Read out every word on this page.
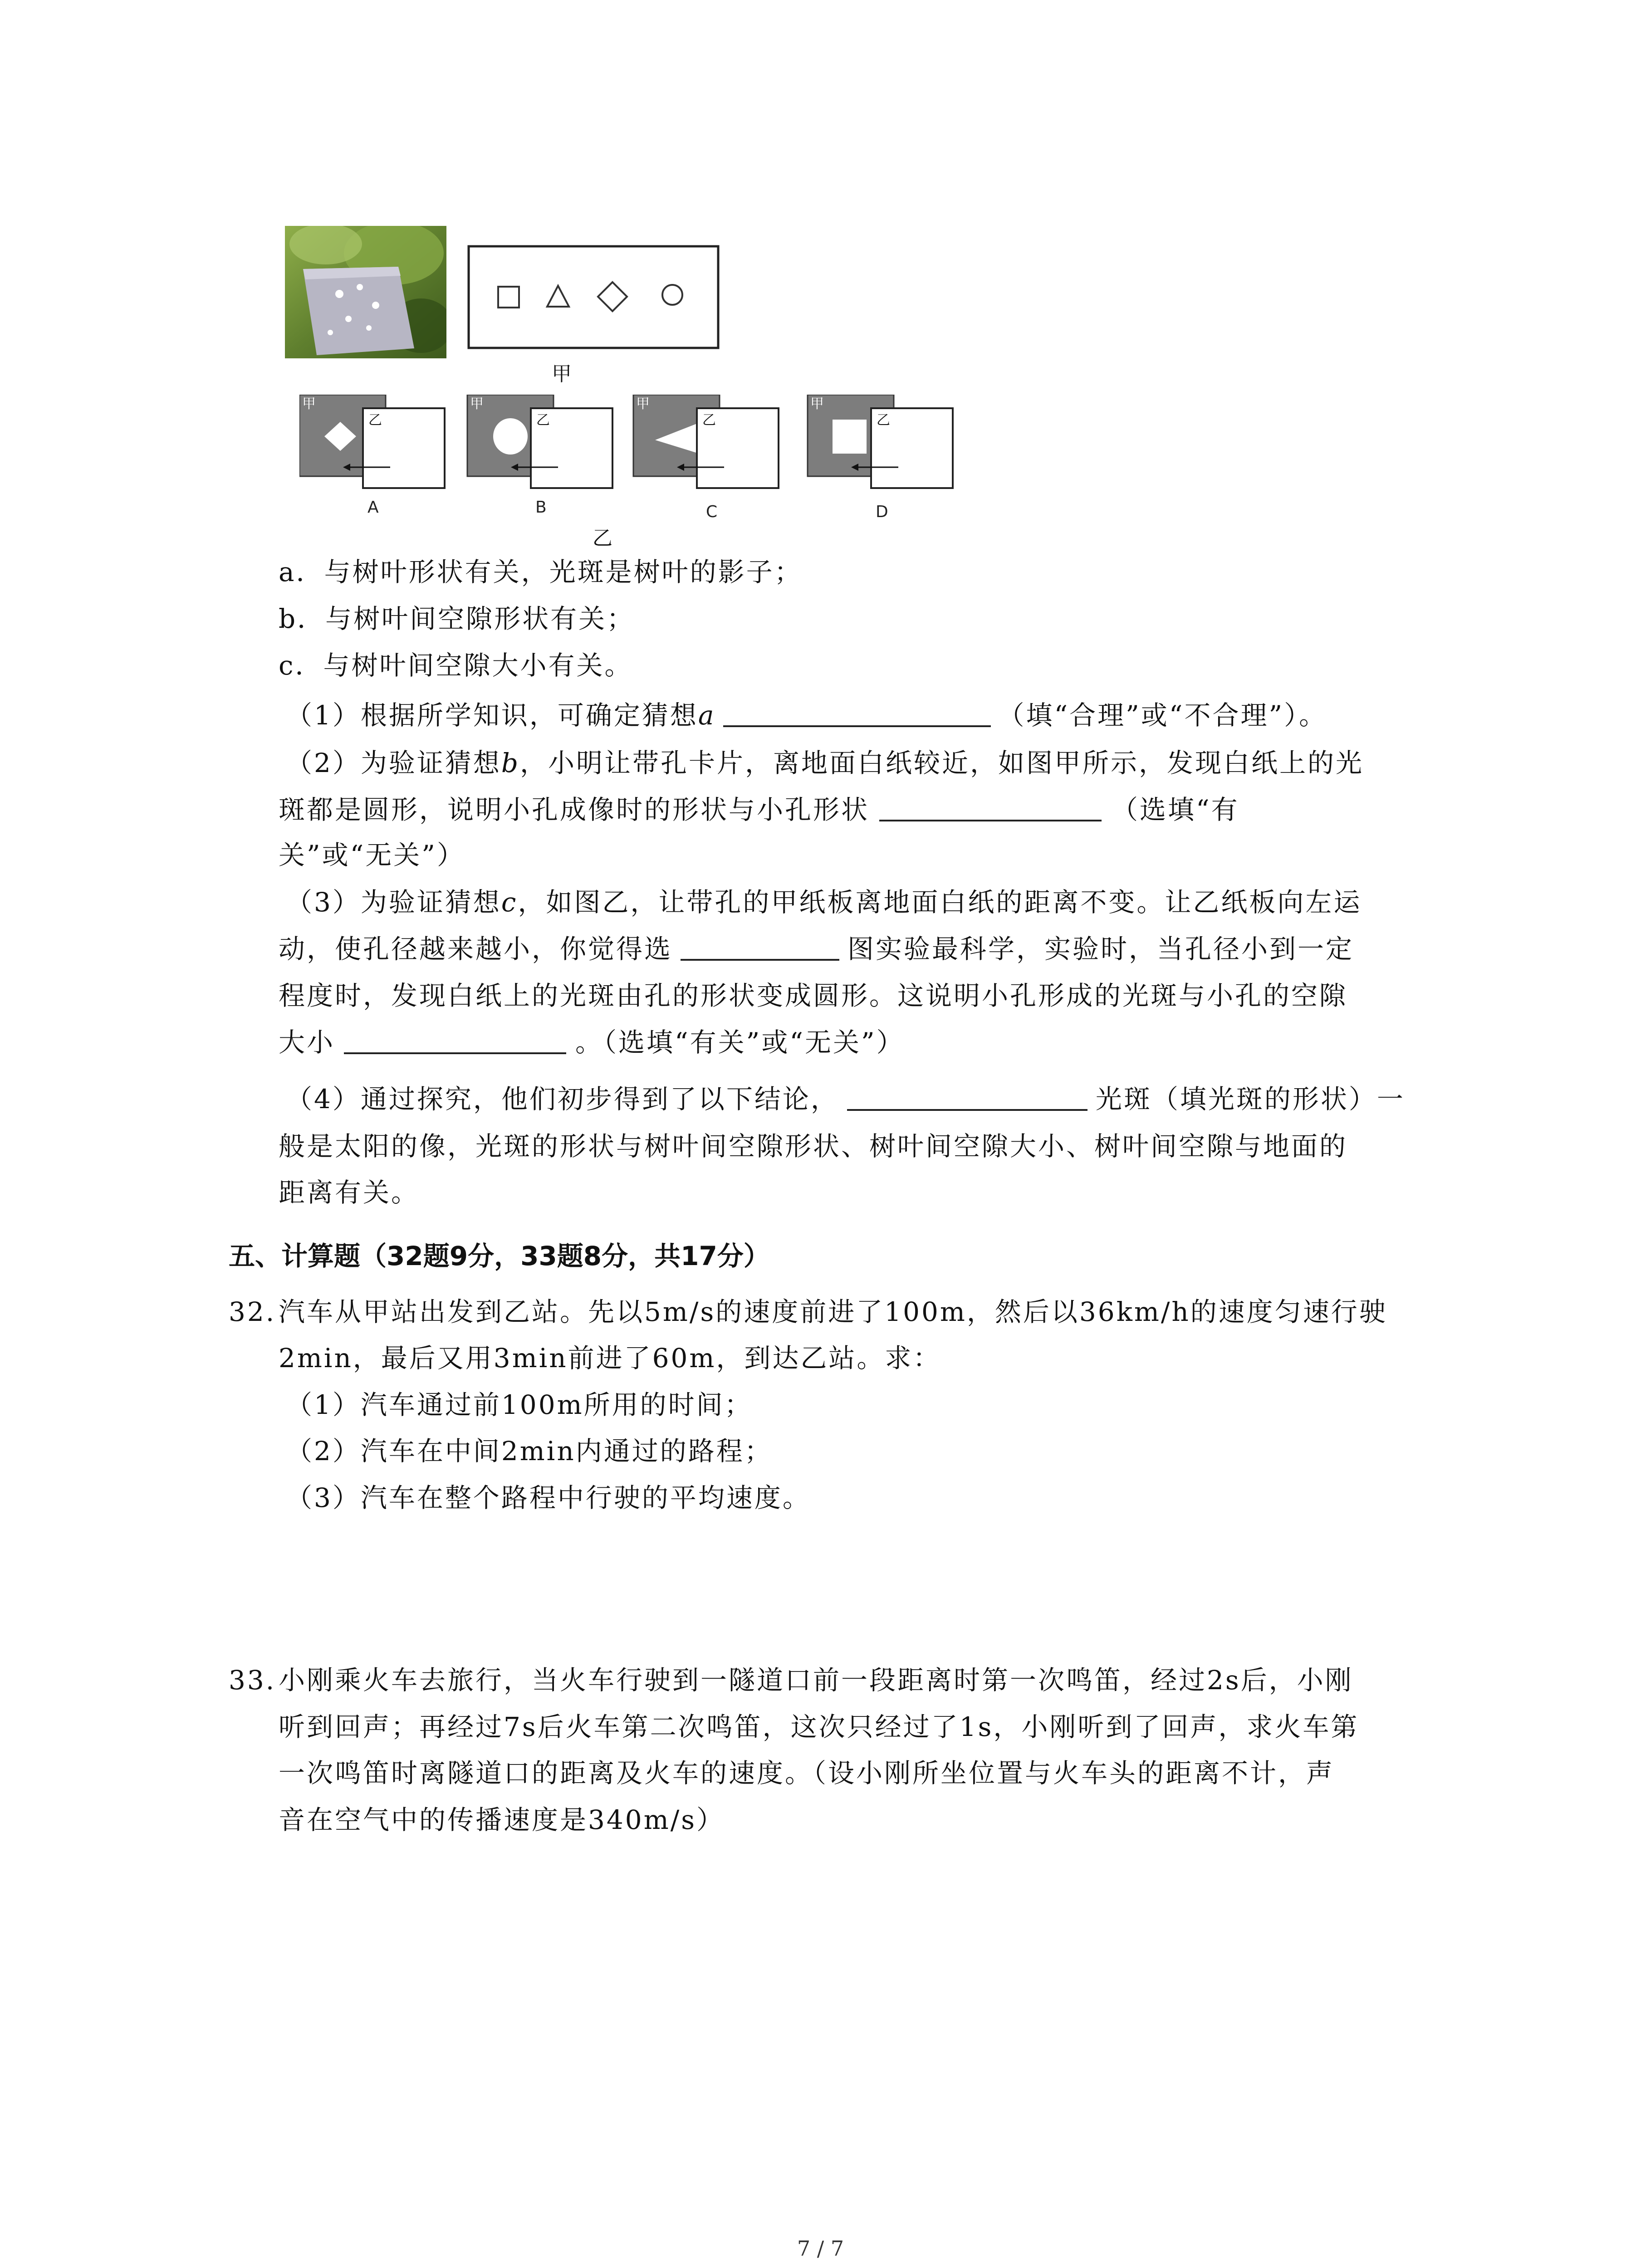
甲
甲
乙
A
甲
乙
B
甲
乙
C
甲
乙
D
乙
a．与树叶形状有关，光斑是树叶的影子；
b．与树叶间空隙形状有关；
c．与树叶间空隙大小有关。
（1）根据所学知识，可确定猜想a	（填“合理”或“不合理”）。
（2）为验证猜想b，小明让带孔卡片，离地面白纸较近，如图甲所示，发现白纸上的光
斑都是圆形，说明小孔成像时的形状与小孔形状	（选填“有
关”或“无关”）
（3）为验证猜想c，如图乙，让带孔的甲纸板离地面白纸的距离不变。让乙纸板向左运
动，使孔径越来越小，你觉得选	图实验最科学，实验时，当孔径小到一定
程度时，发现白纸上的光斑由孔的形状变成圆形。这说明小孔形成的光斑与小孔的空隙
大小	。（选填“有关”或“无关”）
（4）通过探究，他们初步得到了以下结论，	光斑（填光斑的形状）一
般是太阳的像，光斑的形状与树叶间空隙形状、树叶间空隙大小、树叶间空隙与地面的
距离有关。
五、计算题（32题9分，33题8分，共17分）
32. 汽车从甲站出发到乙站。先以5m/s的速度前进了100m，然后以36km/h的速度匀速行驶
2min，最后又用3min前进了60m，到达乙站。求：
（1）汽车通过前100m所用的时间；
（2）汽车在中间2min内通过的路程；
（3）汽车在整个路程中行驶的平均速度。
33. 小刚乘火车去旅行，当火车行驶到一隧道口前一段距离时第一次鸣笛，经过2s后，小刚
听到回声；再经过7s后火车第二次鸣笛，这次只经过了1s，小刚听到了回声，求火车第
一次鸣笛时离隧道口的距离及火车的速度。（设小刚所坐位置与火车头的距离不计，声
音在空气中的传播速度是340m/s）
7 / 7
